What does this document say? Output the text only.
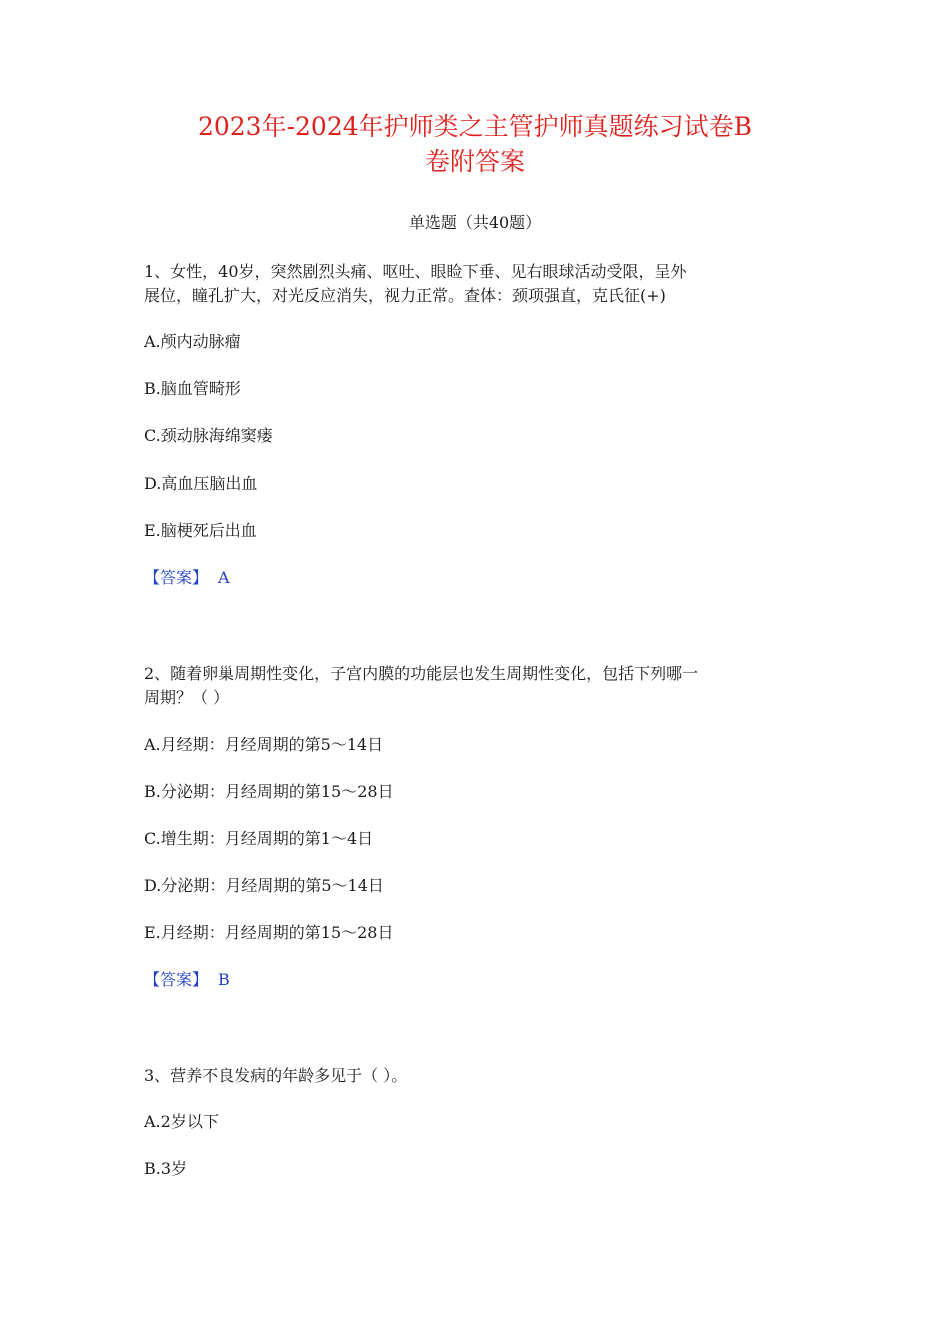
2023年-2024年护师类之主管护师真题练习试卷B
卷附答案
单选题（共40题）
1、女性，40岁，突然剧烈头痛、呕吐、眼睑下垂、见右眼球活动受限，呈外
展位，瞳孔扩大，对光反应消失，视力正常。查体：颈项强直，克氏征(+)
A.颅内动脉瘤
B.脑血管畸形
C.颈动脉海绵窦瘘
D.高血压脑出血
E.脑梗死后出血
【答案】 A
2、随着卵巢周期性变化，子宫内膜的功能层也发生周期性变化，包括下列哪一
周期？（ ）
A.月经期：月经周期的第5～14日
B.分泌期：月经周期的第15～28日
C.增生期：月经周期的第1～4日
D.分泌期：月经周期的第5～14日
E.月经期：月经周期的第15～28日
【答案】 B
3、营养不良发病的年龄多见于（ ）。
A.2岁以下
B.3岁
